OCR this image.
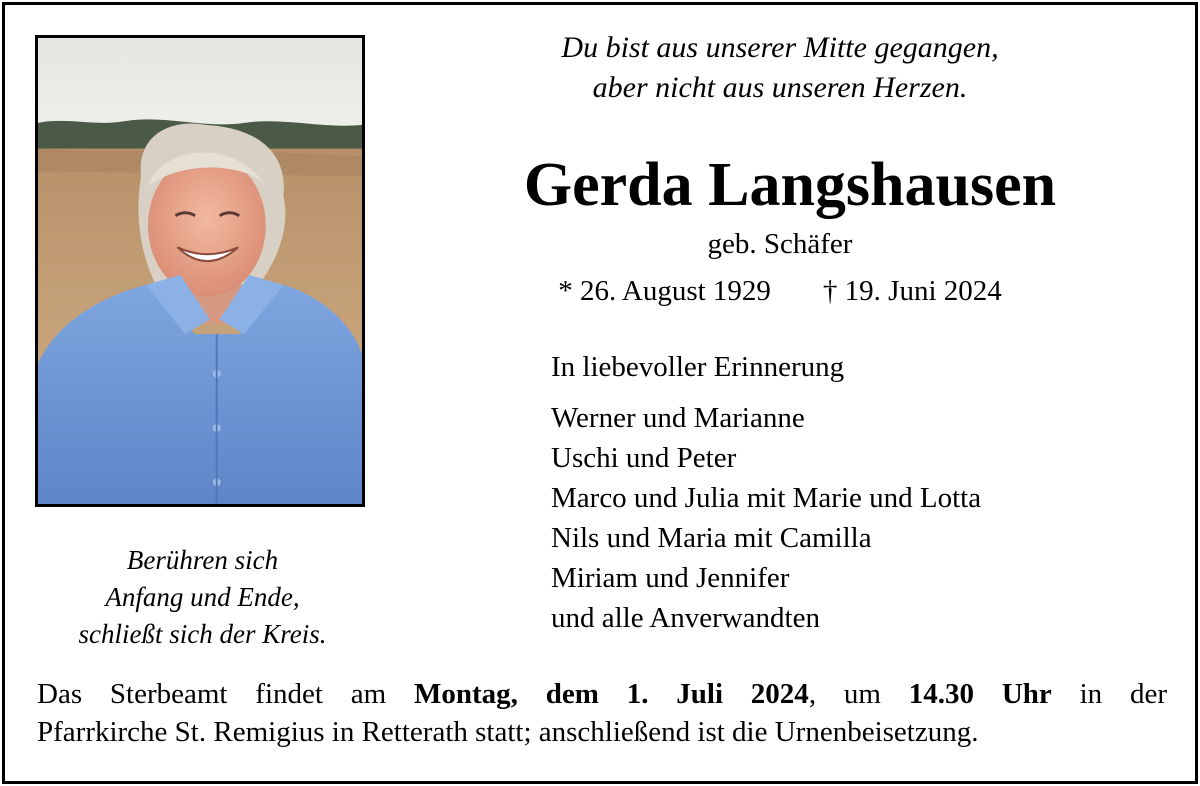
Berühren sich
Anfang und Ende,
schließt sich der Kreis.
Du bist aus unserer Mitte gegangen,
aber nicht aus unseren Herzen.
Gerda Langshausen
geb. Schäfer
* 26. August 1929 † 19. Juni 2024
In liebevoller Erinnerung
Werner und Marianne
Uschi und Peter
Marco und Julia mit Marie und Lotta
Nils und Maria mit Camilla
Miriam und Jennifer
und alle Anverwandten
Das Sterbeamt findet am Montag, dem 1. Juli 2024, um 14.30 Uhr in der
Pfarrkirche St. Remigius in Retterath statt; anschließend ist die Urnenbeisetzung.
